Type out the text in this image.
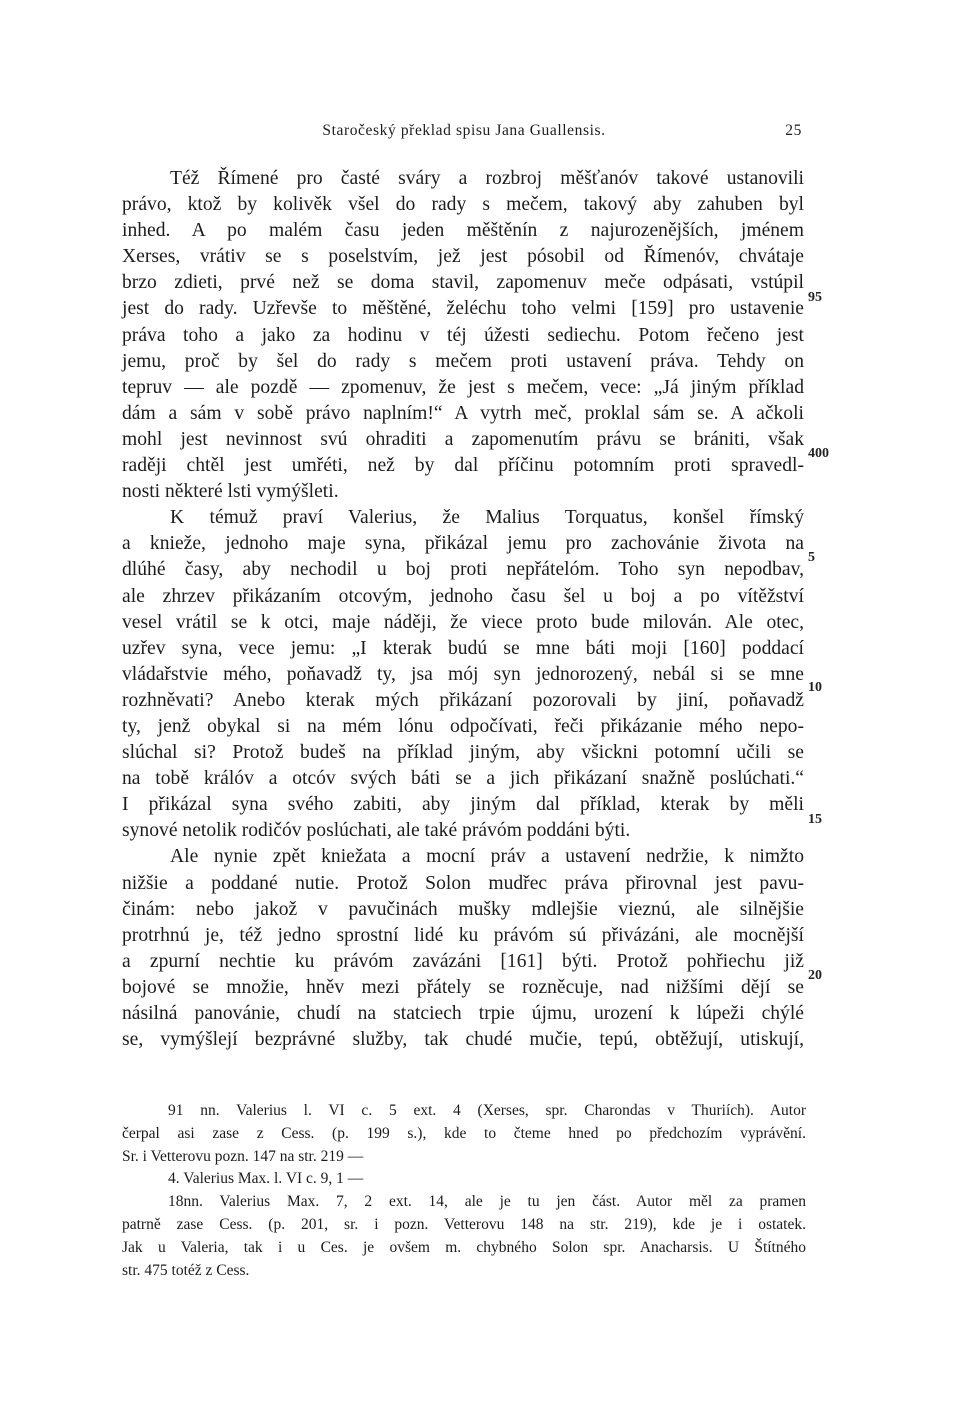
Staročeský překlad spisu Jana Guallensis.	25

Též Římené pro časté sváry a rozbroj měšťanóv takové ustanovili
právo, ktož by kolivěk všel do rady s mečem, takový aby zahuben byl
inhed. A po malém času jeden měštěnín z najurozenějších, jménem
Xerses, vrátiv se s poselstvím, jež jest pósobil od Římenóv, chvátaje
brzo zdieti, prvé než se doma stavil, zapomenuv meče odpásati, vstúpil
jest do rady. Uzřevše to měštěné, želéchu toho velmi [159] pro ustavenie
práva toho a jako za hodinu v téj úžesti sediechu. Potom řečeno jest
jemu, proč by šel do rady s mečem proti ustavení práva. Tehdy on
tepruv — ale pozdě — zpomenuv, že jest s mečem, vece: „Já jiným příklad
dám a sám v sobě právo naplním!“ A vytrh meč, proklal sám se. A ačkoli
mohl jest nevinnost svú ohraditi a zapomenutím právu se brániti, však
raději chtěl jest umřéti, než by dal příčinu potomním proti spravedl-
nosti některé lsti vymýšleti.

K témuž praví Valerius, že Malius Torquatus, konšel římský
a knieže, jednoho maje syna, přikázal jemu pro zachovánie života na
dlúhé časy, aby nechodil u boj proti nepřátelóm. Toho syn nepodbav,
ale zhrzev přikázaním otcovým, jednoho času šel u boj a po vítěžství
vesel vrátil se k otci, maje náději, že viece proto bude milován. Ale otec,
uzřev syna, vece jemu: „I kterak budú se mne báti moji [160] poddací
vládařstvie mého, poňavadž ty, jsa mój syn jednorozený, nebál si se mne
rozhněvati? Anebo kterak mých přikázaní pozorovali by jiní, poňavadž
ty, jenž obykal si na mém lónu odpočívati, řeči přikázanie mého nepo-
slúchal si? Protož budeš na příklad jiným, aby všickni potomní učili se
na tobě králóv a otcóv svých báti se a jich přikázaní snažně poslúchati.“
I přikázal syna svého zabiti, aby jiným dal příklad, kterak by měli
synové netolik rodičóv poslúchati, ale také právóm poddáni býti.

Ale nynie zpět kniežata a mocní práv a ustavení nedržie, k nimžto
nižšie a poddané nutie. Protož Solon mudřec práva přirovnal jest pavu-
činám: nebo jakož v pavučinách mušky mdlejšie vieznú, ale silnějšie
protrhnú je, též jedno sprostní lidé ku právóm sú přivázáni, ale mocnější
a zpurní nechtie ku právóm zavázáni [161] býti. Protož pohřiechu již
bojové se množie, hněv mezi přátely se rozněcuje, nad nižšími dějí se
násilná panovánie, chudí na statciech trpie újmu, urození k lúpeži chýlé
se, vymýšlejí bezprávné služby, tak chudé mučie, tepú, obtěžují, utiskují,

95
400
5
10
15
20
91 nn. Valerius l. VI c. 5 ext. 4 (Xerses, spr. Charondas v Thuriích). Autor
čerpal asi zase z Cess. (p. 199 s.), kde to čteme hned po předchozím vyprávění.
Sr. i Vetterovu pozn. 147 na str. 219 —
4. Valerius Max. l. VI c. 9, 1 —
18nn. Valerius Max. 7, 2 ext. 14, ale je tu jen část. Autor měl za pramen
patrně zase Cess. (p. 201, sr. i pozn. Vetterovu 148 na str. 219), kde je i ostatek.
Jak u Valeria, tak i u Ces. je ovšem m. chybného Solon spr. Anacharsis. U Štítného
str. 475 totéž z Cess.
